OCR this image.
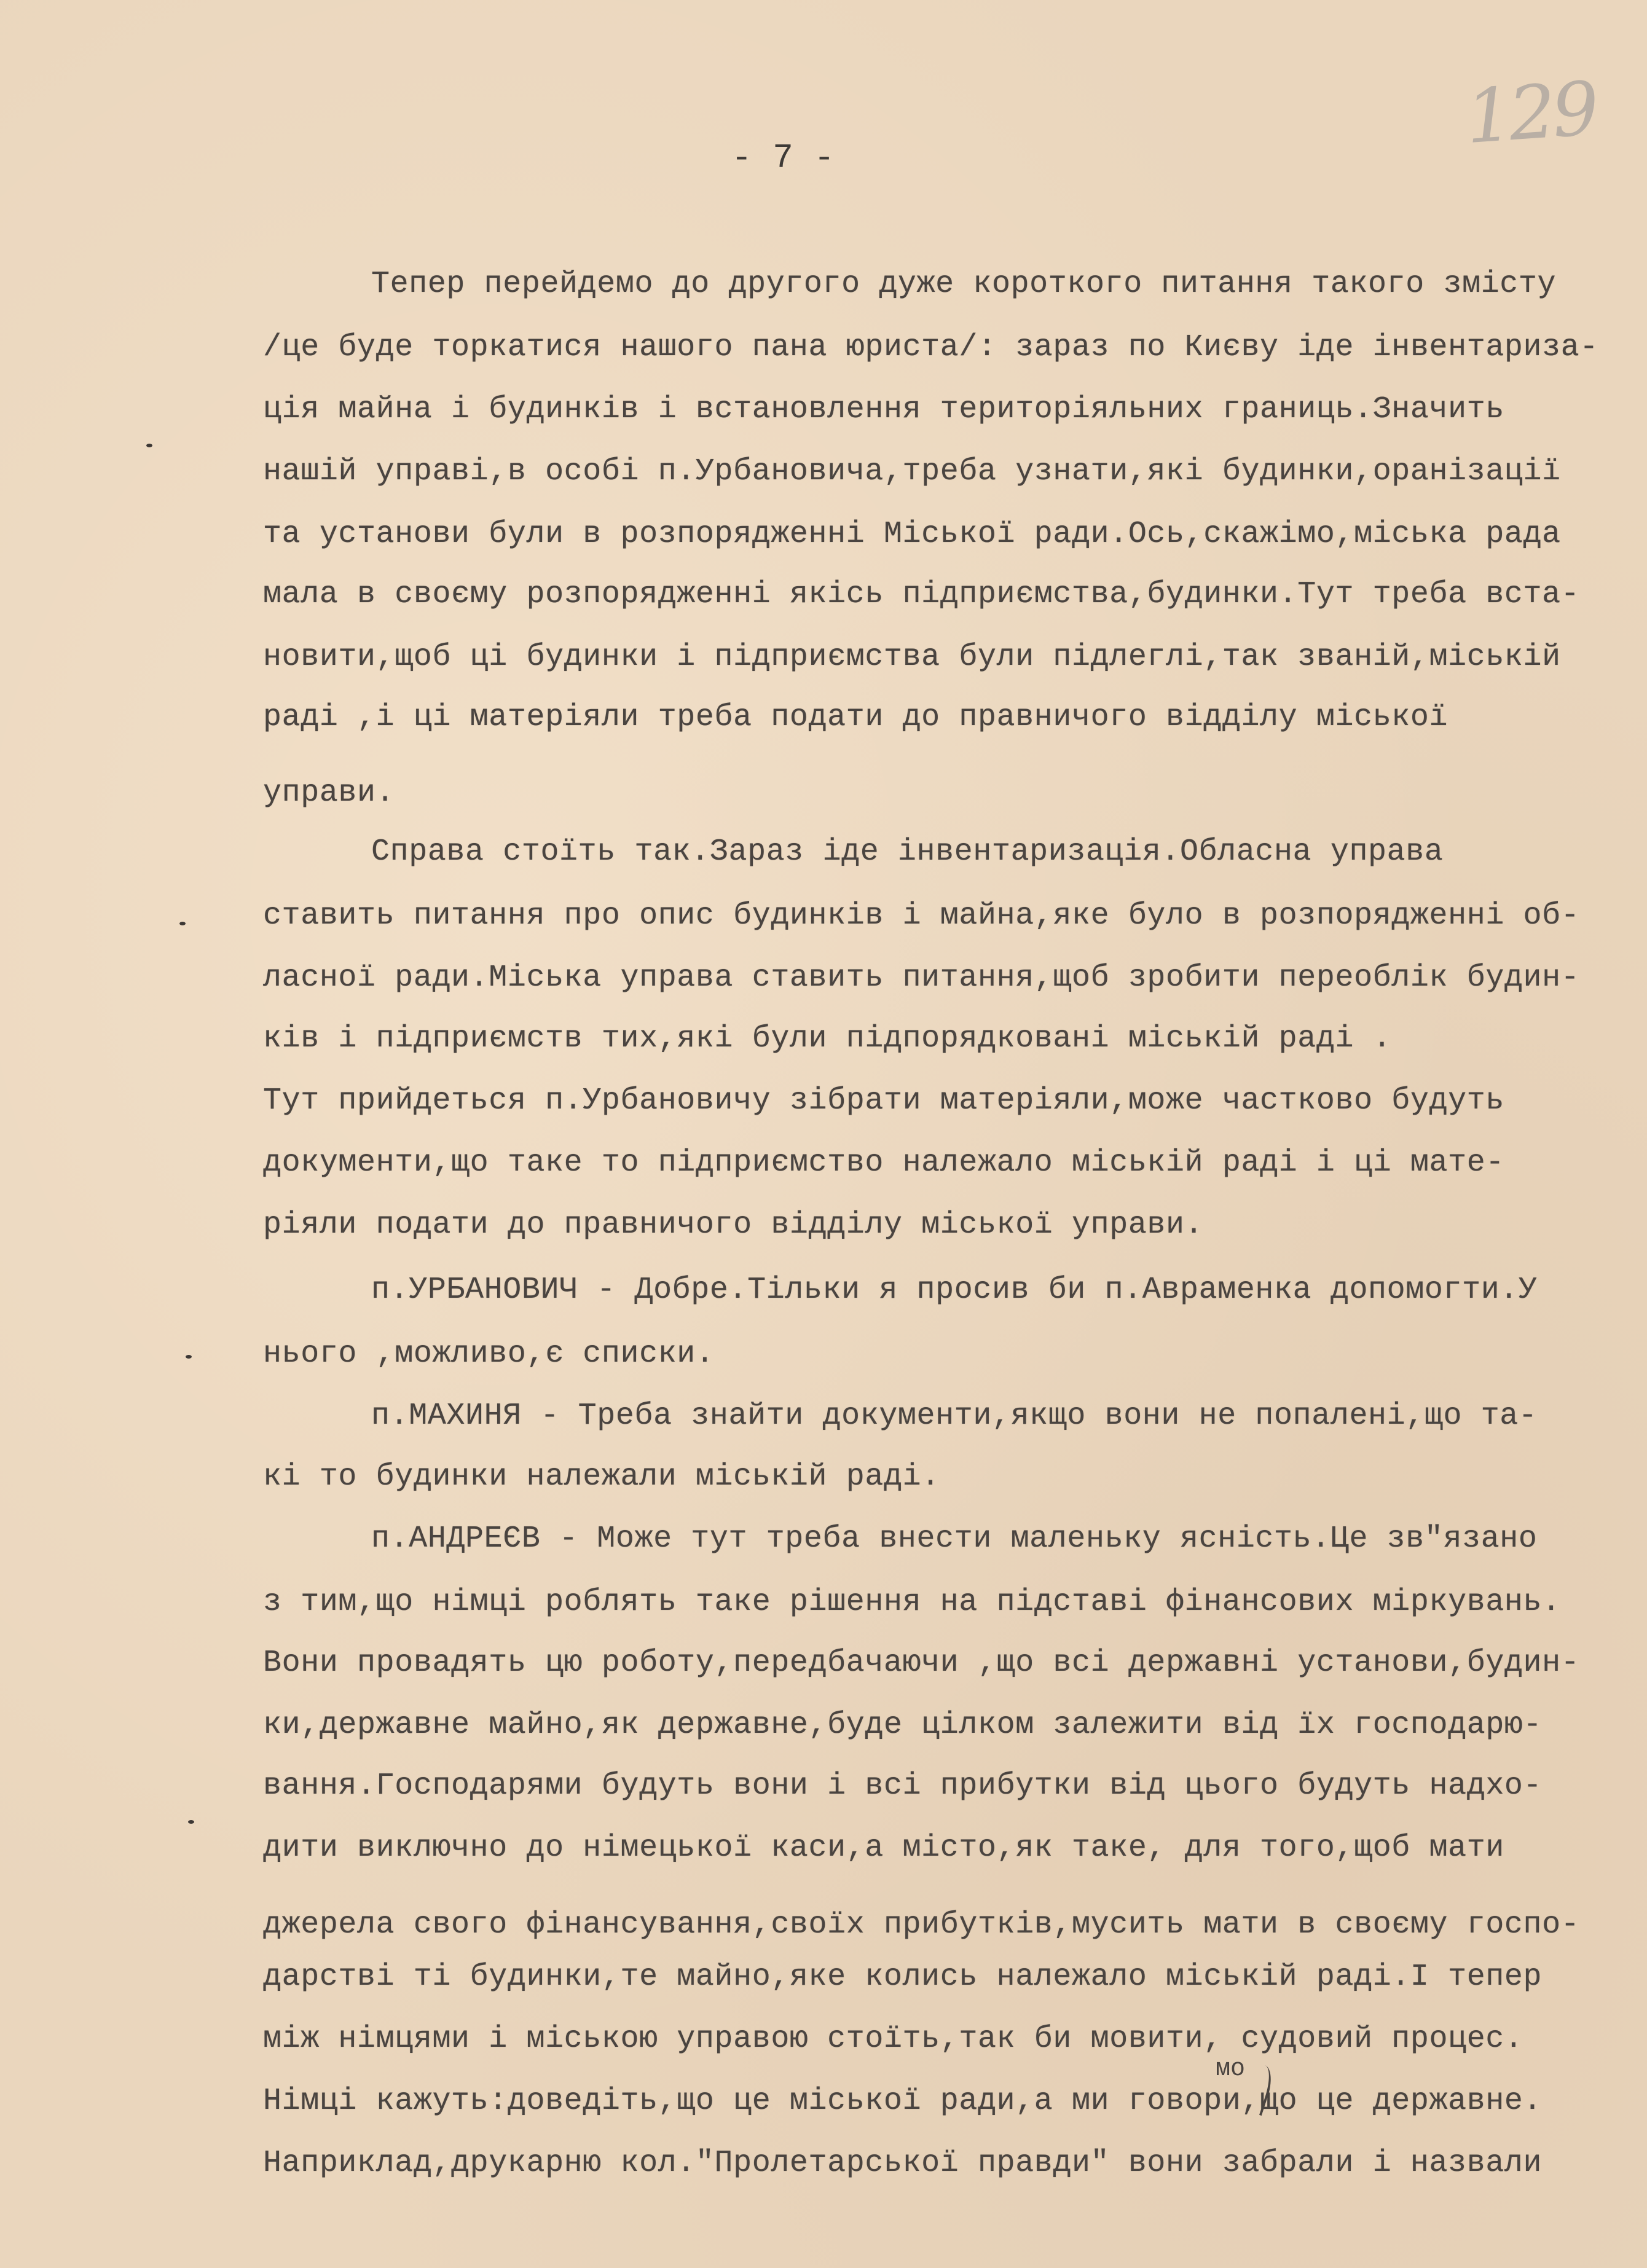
129
- 7 -
Тепер перейдемо до другого дуже короткого питання такого змісту
/це буде торкатися нашого пана юриста/: зараз по Києву іде інвентариза-
ція майна і будинків і встановлення територіяльних границь.Значить
нашій управі,в особі п.Урбановича,треба узнати,які будинки,оранізації
та установи були в розпорядженні Міської ради.Ось,скажімо,міська рада
мала в своєму розпорядженні якісь підприємства,будинки.Тут треба вста-
новити,щоб ці будинки і підприємства були підлеглі,так званій,міській
раді ,і ці матеріяли треба подати до правничого відділу міської
управи.
Справа стоїть так.Зараз іде інвентаризація.Обласна управа
ставить питання про опис будинків і майна,яке було в розпорядженні об-
ласної ради.Міська управа ставить питання,щоб зробити переоблік будин-
ків і підприємств тих,які були підпорядковані міській раді .
Тут прийдеться п.Урбановичу зібрати матеріяли,може частково будуть
документи,що таке то підприємство належало міській раді і ці мате-
ріяли подати до правничого відділу міської управи.
п.УРБАНОВИЧ - Добре.Тільки я просив би п.Авраменка допомогти.У
нього ,можливо,є списки.
п.МАХИНЯ - Треба знайти документи,якщо вони не попалені,що та-
кі то будинки належали міській раді.
п.АНДРЕЄВ - Може тут треба внести маленьку ясність.Це зв"язано
з тим,що німці роблять таке рішення на підставі фінансових міркувань.
Вони провадять цю роботу,передбачаючи ,що всі державні установи,будин-
ки,державне майно,як державне,буде цілком залежити від їх господарю-
вання.Господарями будуть вони і всі прибутки від цього будуть надхо-
дити виключно до німецької каси,а місто,як таке, для того,щоб мати
джерела свого фінансування,своїх прибутків,мусить мати в своєму госпо-
дарстві ті будинки,те майно,яке колись належало міській раді.І тепер
між німцями і міською управою стоїть,так би мовити, судовий процес.
Німці кажуть:доведіть,що це міської ради,а ми говори,що це державне.
Наприклад,друкарню кол."Пролетарської правди" вони забрали і назвали
мо
